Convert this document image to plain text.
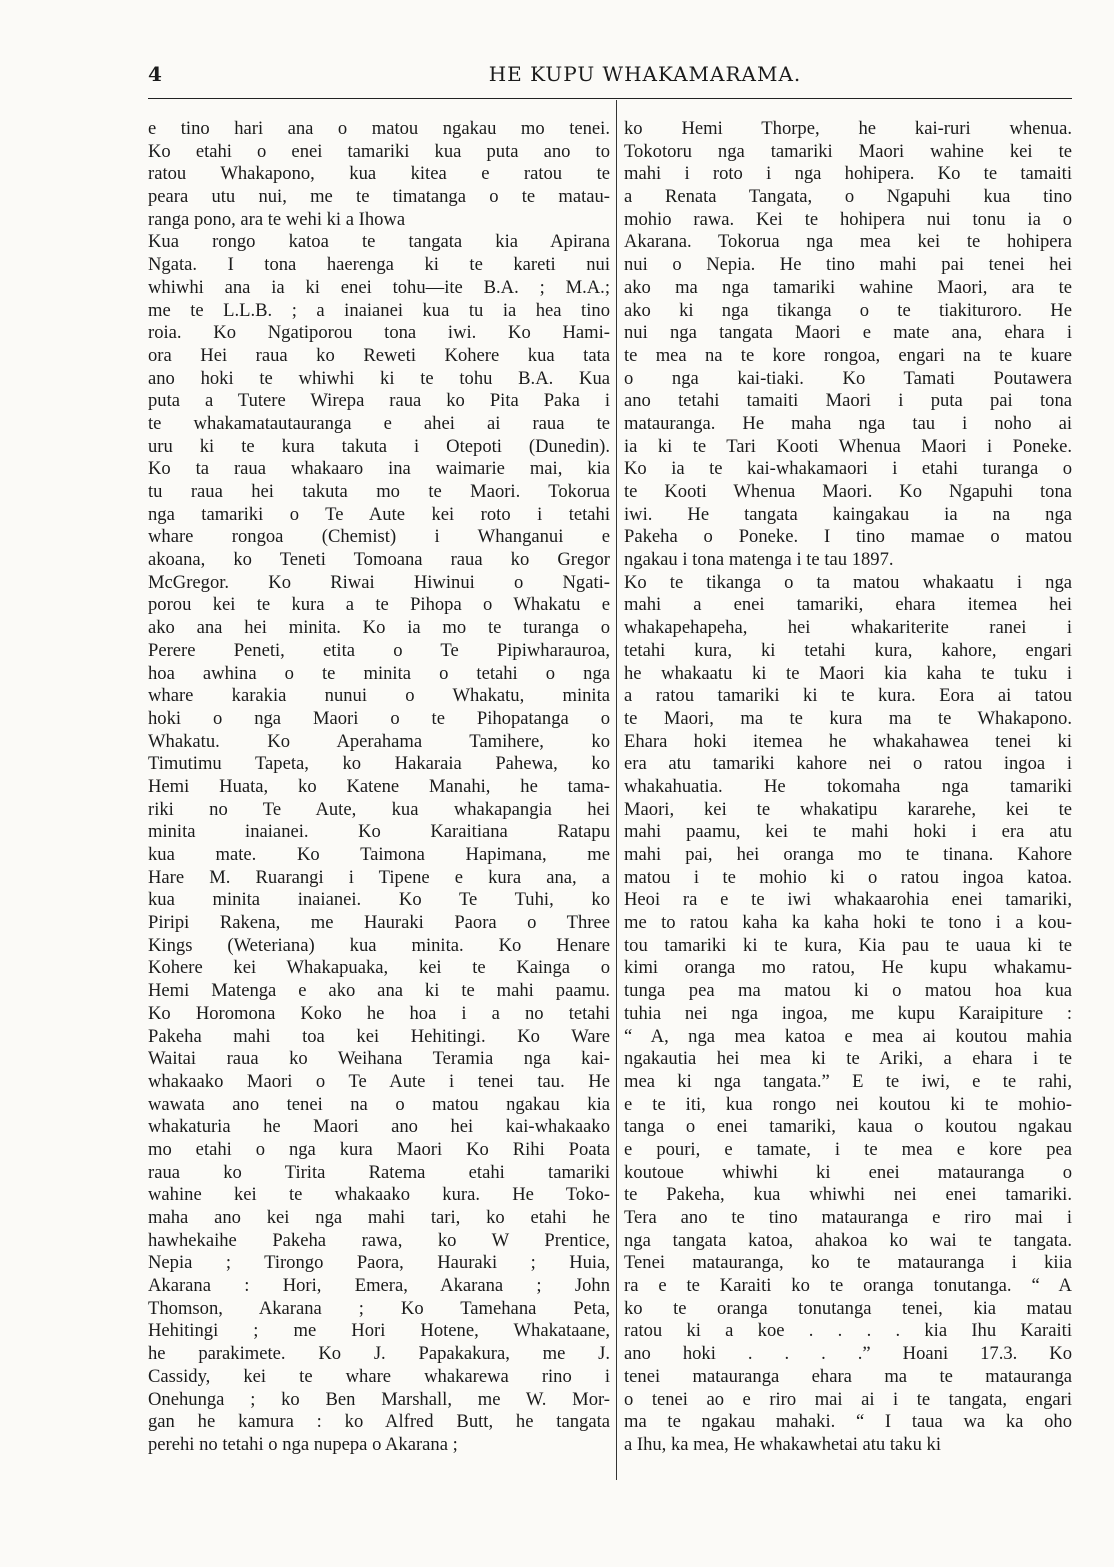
4	HE KUPU WHAKAMARAMA.
e tino hari ana o matou ngakau mo tenei.
Ko etahi o enei tamariki kua puta ano to
ratou Whakapono, kua kitea e ratou te
peara utu nui, me te timatanga o te matau-
ranga pono, ara te wehi ki a Ihowa
Kua rongo katoa te tangata kia Apirana
Ngata. I tona haerenga ki te kareti nui
whiwhi ana ia ki enei tohu—ite B.A. ; M.A.;
me te L.L.B. ; a inaianei kua tu ia hea tino
roia. Ko Ngatiporou tona iwi. Ko Hami-
ora Hei raua ko Reweti Kohere kua tata
ano hoki te whiwhi ki te tohu B.A. Kua
puta a Tutere Wirepa raua ko Pita Paka i
te whakamatautauranga e ahei ai raua te
uru ki te kura takuta i Otepoti (Dunedin).
Ko ta raua whakaaro ina waimarie mai, kia
tu raua hei takuta mo te Maori. Tokorua
nga tamariki o Te Aute kei roto i tetahi
whare rongoa (Chemist) i Whanganui e
akoana, ko Teneti Tomoana raua ko Gregor
McGregor. Ko Riwai Hiwinui o Ngati-
porou kei te kura a te Pihopa o Whakatu e
ako ana hei minita. Ko ia mo te turanga o
Perere Peneti, etita o Te Pipiwharauroa,
hoa awhina o te minita o tetahi o nga
whare karakia nunui o Whakatu, minita
hoki o nga Maori o te Pihopatanga o
Whakatu. Ko Aperahama Tamihere, ko
Timutimu Tapeta, ko Hakaraia Pahewa, ko
Hemi Huata, ko Katene Manahi, he tama-
riki no Te Aute, kua whakapangia hei
minita inaianei. Ko Karaitiana Ratapu
kua mate. Ko Taimona Hapimana, me
Hare M. Ruarangi i Tipene e kura ana, a
kua minita inaianei. Ko Te Tuhi, ko
Piripi Rakena, me Hauraki Paora o Three
Kings (Weteriana) kua minita. Ko Henare
Kohere kei Whakapuaka, kei te Kainga o
Hemi Matenga e ako ana ki te mahi paamu.
Ko Horomona Koko he hoa i a no tetahi
Pakeha mahi toa kei Hehitingi. Ko Ware
Waitai raua ko Weihana Teramia nga kai-
whakaako Maori o Te Aute i tenei tau. He
wawata ano tenei na o matou ngakau kia
whakaturia he Maori ano hei kai-whakaako
mo etahi o nga kura Maori Ko Rihi Poata
raua ko Tirita Ratema etahi tamariki
wahine kei te whakaako kura. He Toko-
maha ano kei nga mahi tari, ko etahi he
hawhekaihe Pakeha rawa, ko W Prentice,
Nepia ; Tirongo Paora, Hauraki ; Huia,
Akarana : Hori, Emera, Akarana ; John
Thomson, Akarana ; Ko Tamehana Peta,
Hehitingi ; me Hori Hotene, Whakataane,
he parakimete. Ko J. Papakakura, me J.
Cassidy, kei te whare whakarewa rino i
Onehunga ; ko Ben Marshall, me W. Mor-
gan he kamura : ko Alfred Butt, he tangata
perehi no tetahi o nga nupepa o Akarana ;
ko Hemi Thorpe, he kai-ruri whenua.
Tokotoru nga tamariki Maori wahine kei te
mahi i roto i nga hohipera. Ko te tamaiti
a Renata Tangata, o Ngapuhi kua tino
mohio rawa. Kei te hohipera nui tonu ia o
Akarana. Tokorua nga mea kei te hohipera
nui o Nepia. He tino mahi pai tenei hei
ako ma nga tamariki wahine Maori, ara te
ako ki nga tikanga o te tiakituroro. He
nui nga tangata Maori e mate ana, ehara i
te mea na te kore rongoa, engari na te kuare
o nga kai-tiaki. Ko Tamati Poutawera
ano tetahi tamaiti Maori i puta pai tona
matauranga. He maha nga tau i noho ai
ia ki te Tari Kooti Whenua Maori i Poneke.
Ko ia te kai-whakamaori i etahi turanga o
te Kooti Whenua Maori. Ko Ngapuhi tona
iwi. He tangata kaingakau ia na nga
Pakeha o Poneke. I tino mamae o matou
ngakau i tona matenga i te tau 1897.
Ko te tikanga o ta matou whakaatu i nga
mahi a enei tamariki, ehara itemea hei
whakapehapeha, hei whakariterite ranei i
tetahi kura, ki tetahi kura, kahore, engari
he whakaatu ki te Maori kia kaha te tuku i
a ratou tamariki ki te kura. Eora ai tatou
te Maori, ma te kura ma te Whakapono.
Ehara hoki itemea he whakahawea tenei ki
era atu tamariki kahore nei o ratou ingoa i
whakahuatia. He tokomaha nga tamariki
Maori, kei te whakatipu kararehe, kei te
mahi paamu, kei te mahi hoki i era atu
mahi pai, hei oranga mo te tinana. Kahore
matou i te mohio ki o ratou ingoa katoa.
Heoi ra e te iwi whakaarohia enei tamariki,
me to ratou kaha ka kaha hoki te tono i a kou-
tou tamariki ki te kura, Kia pau te uaua ki te
kimi oranga mo ratou, He kupu whakamu-
tunga pea ma matou ki o matou hoa kua
tuhia nei nga ingoa, me kupu Karaipiture :
“ A, nga mea katoa e mea ai koutou mahia
ngakautia hei mea ki te Ariki, a ehara i te
mea ki nga tangata.” E te iwi, e te rahi,
e te iti, kua rongo nei koutou ki te mohio-
tanga o enei tamariki, kaua o koutou ngakau
e pouri, e tamate, i te mea e kore pea
koutoue whiwhi ki enei matauranga o
te Pakeha, kua whiwhi nei enei tamariki.
Tera ano te tino matauranga e riro mai i
nga tangata katoa, ahakoa ko wai te tangata.
Tenei matauranga, ko te matauranga i kiia
ra e te Karaiti ko te oranga tonutanga. “ A
ko te oranga tonutanga tenei, kia matau
ratou ki a koe . . . . kia Ihu Karaiti
ano hoki . . . .” Hoani 17.3. Ko
tenei matauranga ehara ma te matauranga
o tenei ao e riro mai ai i te tangata, engari
ma te ngakau mahaki. “ I taua wa ka oho
a Ihu, ka mea, He whakawhetai atu taku ki
